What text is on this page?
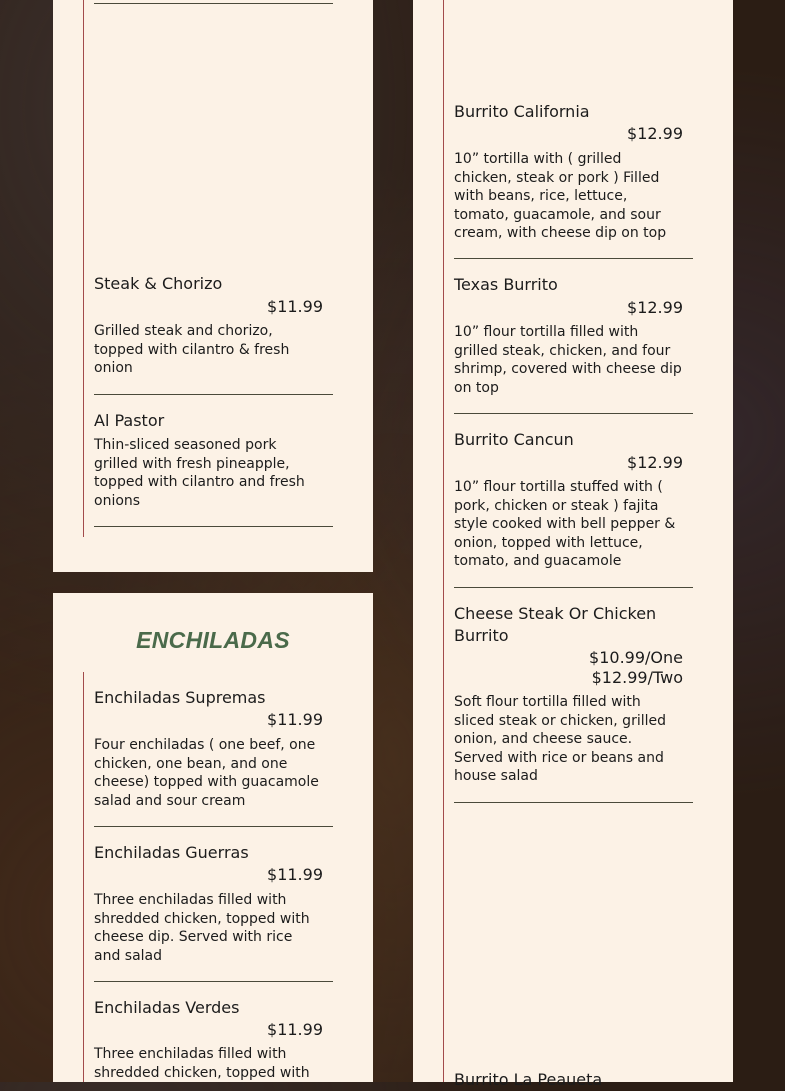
Steak & Chorizo
$11.99
Grilled steak and chorizo, topped with cilantro & fresh onion
Al Pastor
Thin-sliced seasoned pork grilled with fresh pineapple, topped with cilantro and fresh onions
ENCHILADAS
Enchiladas Supremas
$11.99
Four enchiladas ( one beef, one chicken, one bean, and one cheese) topped with guacamole salad and sour cream
Enchiladas Guerras
$11.99
Three enchiladas filled with shredded chicken, topped with cheese dip. Served with rice and salad
Enchiladas Verdes
$11.99
Three enchiladas filled with shredded chicken, topped with
Burrito California
$12.99
10” tortilla with ( grilled chicken, steak or pork ) Filled with beans, rice, lettuce, tomato, guacamole, and sour cream, with cheese dip on top
Texas Burrito
$12.99
10” flour tortilla filled with grilled steak, chicken, and four shrimp, covered with cheese dip on top
Burrito Cancun
$12.99
10” flour tortilla stuffed with ( pork, chicken or steak ) fajita style cooked with bell pepper & onion, topped with lettuce, tomato, and guacamole
Cheese Steak Or Chicken Burrito
$10.99/One
$12.99/Two
Soft flour tortilla filled with sliced steak or chicken, grilled onion, and cheese sauce. Served with rice or beans and house salad
Burrito La Peaueta
